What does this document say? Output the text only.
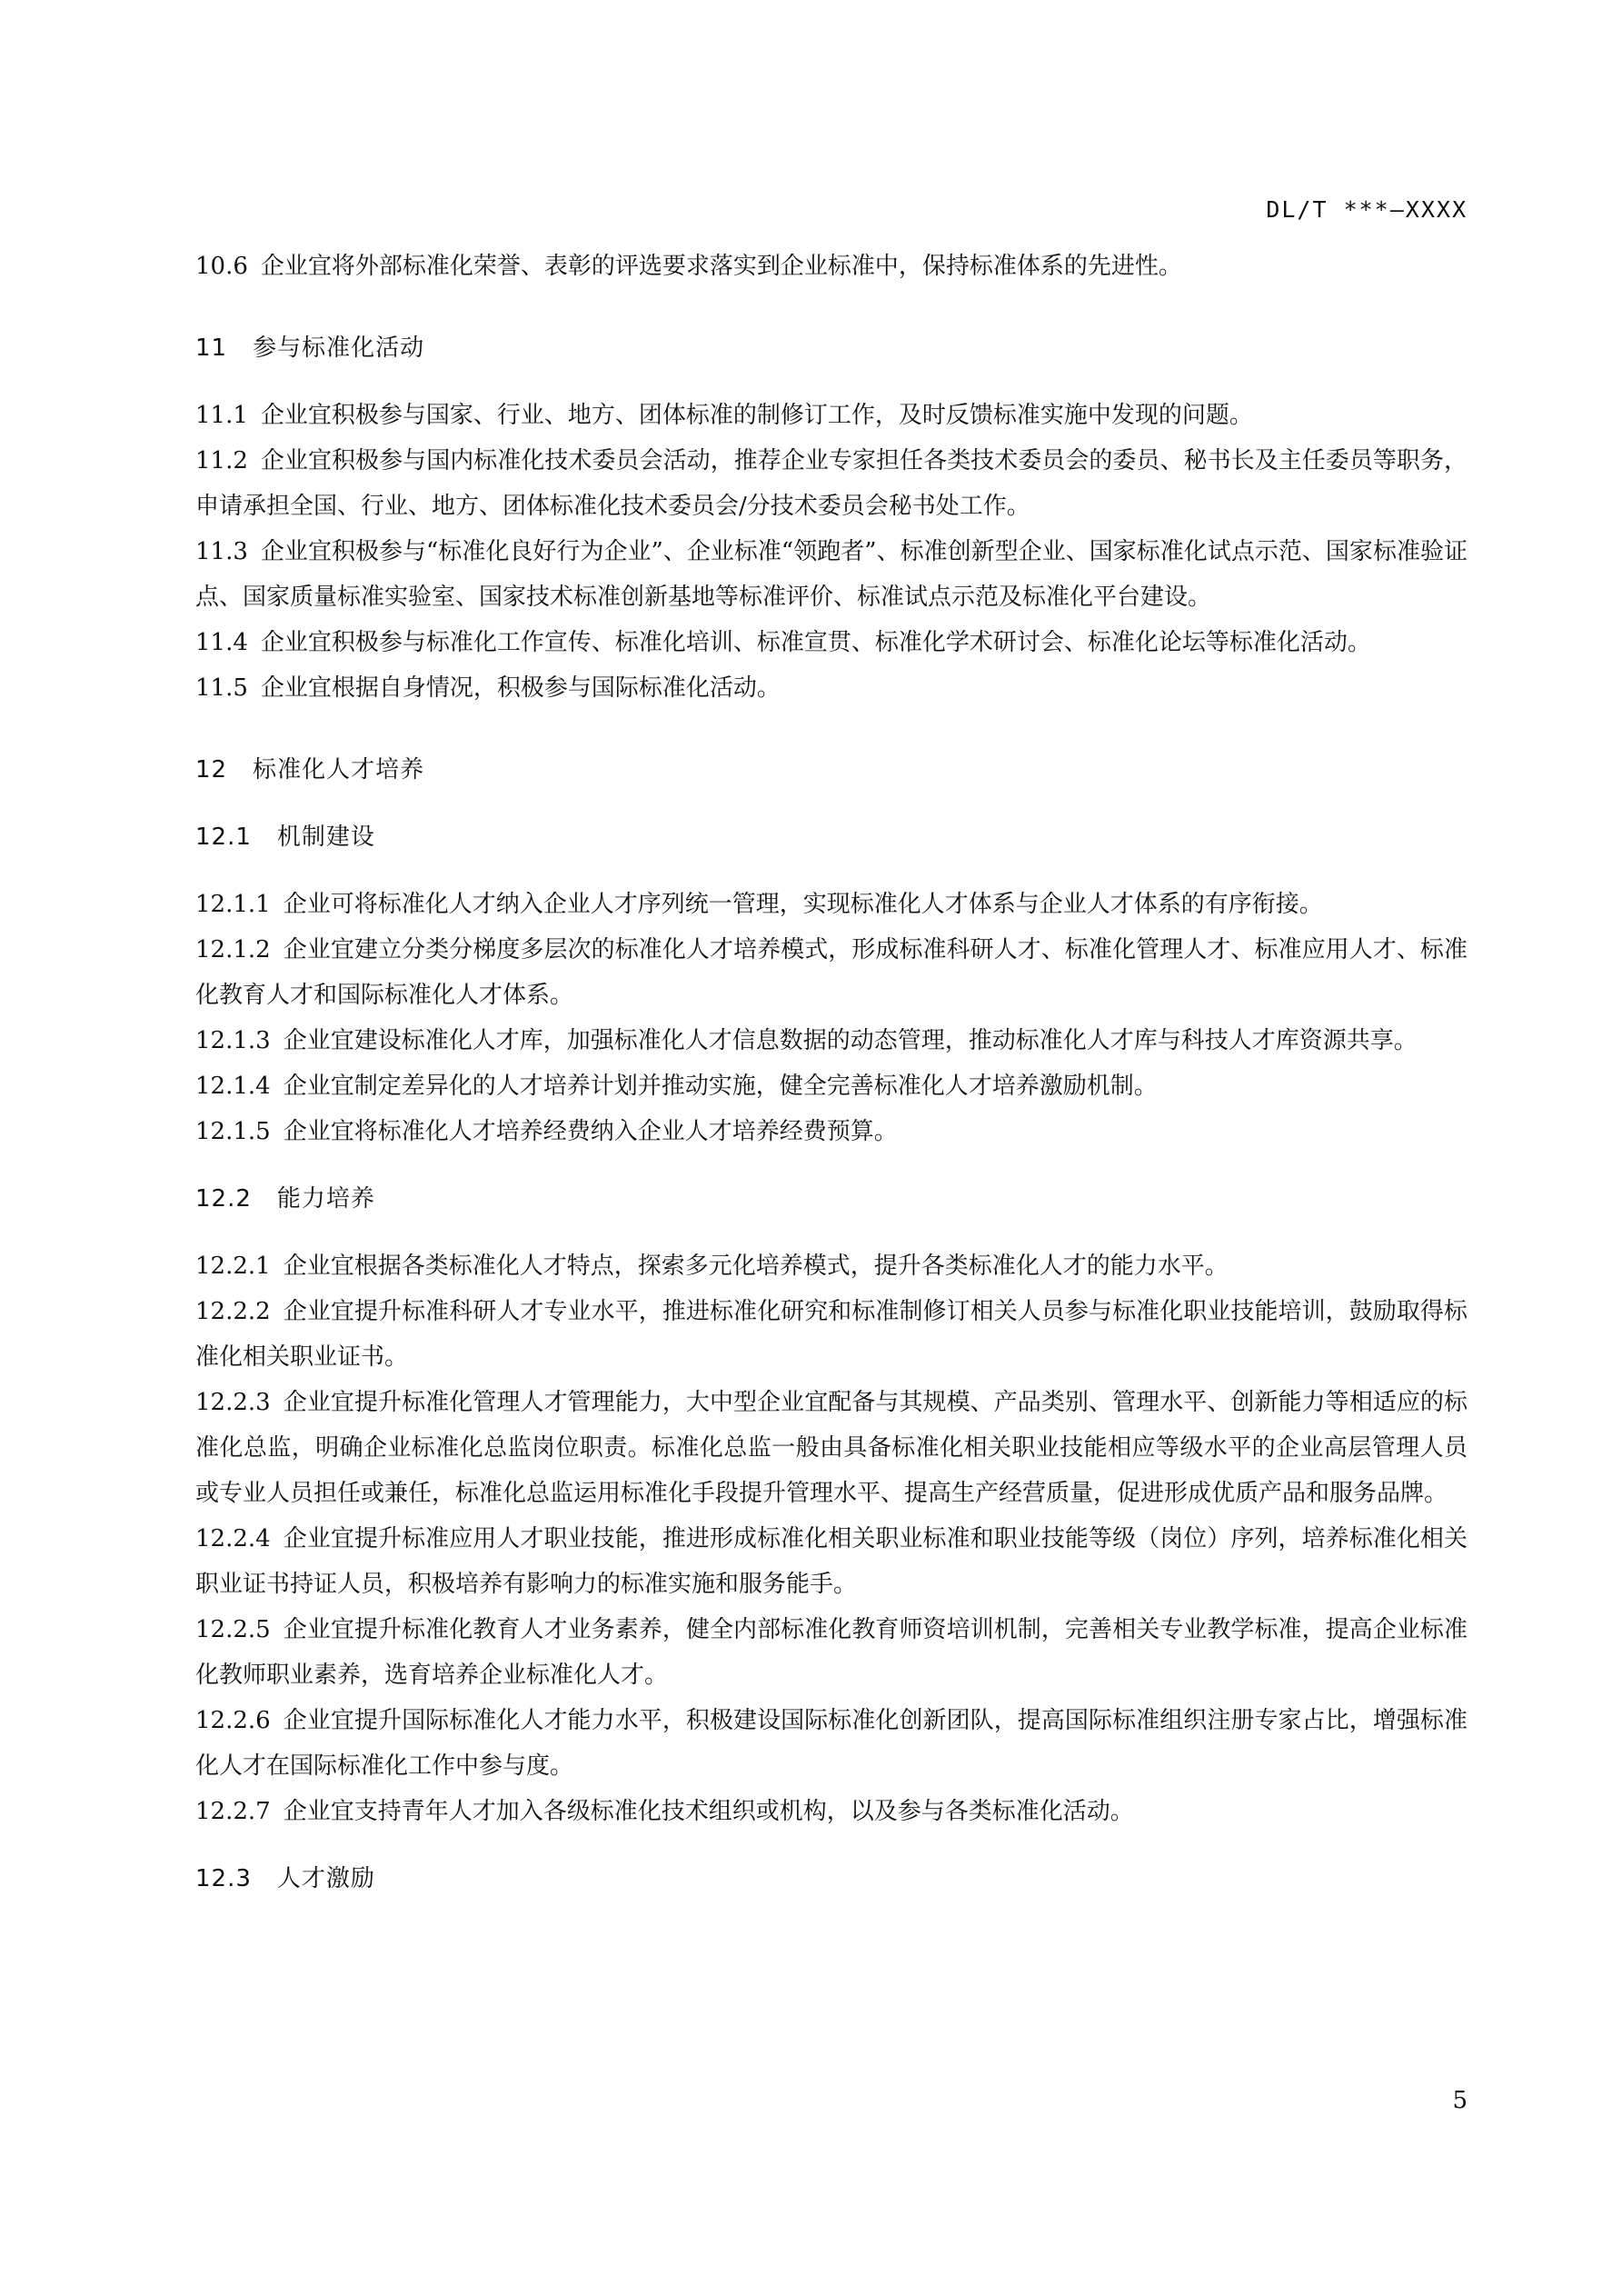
DL/T ***—XXXX

10.6 企业宜将外部标准化荣誉、表彰的评选要求落实到企业标准中，保持标准体系的先进性。

11 参与标准化活动

11.1 企业宜积极参与国家、行业、地方、团体标准的制修订工作，及时反馈标准实施中发现的问题。

11.2 企业宜积极参与国内标准化技术委员会活动，推荐企业专家担任各类技术委员会的委员、秘书长及主任委员等职务，申请承担全国、行业、地方、团体标准化技术委员会/分技术委员会秘书处工作。

11.3 企业宜积极参与“标准化良好行为企业”、企业标准“领跑者”、标准创新型企业、国家标准化试点示范、国家标准验证点、国家质量标准实验室、国家技术标准创新基地等标准评价、标准试点示范及标准化平台建设。

11.4 企业宜积极参与标准化工作宣传、标准化培训、标准宣贯、标准化学术研讨会、标准化论坛等标准化活动。

11.5 企业宜根据自身情况，积极参与国际标准化活动。

12 标准化人才培养
12.1 机制建设

12.1.1 企业可将标准化人才纳入企业人才序列统一管理，实现标准化人才体系与企业人才体系的有序衔接。

12.1.2 企业宜建立分类分梯度多层次的标准化人才培养模式，形成标准科研人才、标准化管理人才、标准应用人才、标准化教育人才和国际标准化人才体系。

12.1.3 企业宜建设标准化人才库，加强标准化人才信息数据的动态管理，推动标准化人才库与科技人才库资源共享。

12.1.4 企业宜制定差异化的人才培养计划并推动实施，健全完善标准化人才培养激励机制。

12.1.5 企业宜将标准化人才培养经费纳入企业人才培养经费预算。

12.2 能力培养

12.2.1 企业宜根据各类标准化人才特点，探索多元化培养模式，提升各类标准化人才的能力水平。

12.2.2 企业宜提升标准科研人才专业水平，推进标准化研究和标准制修订相关人员参与标准化职业技能培训，鼓励取得标准化相关职业证书。

12.2.3 企业宜提升标准化管理人才管理能力，大中型企业宜配备与其规模、产品类别、管理水平、创新能力等相适应的标准化总监，明确企业标准化总监岗位职责。标准化总监一般由具备标准化相关职业技能相应等级水平的企业高层管理人员或专业人员担任或兼任，标准化总监运用标准化手段提升管理水平、提高生产经营质量，促进形成优质产品和服务品牌。

12.2.4 企业宜提升标准应用人才职业技能，推进形成标准化相关职业标准和职业技能等级（岗位）序列，培养标准化相关职业证书持证人员，积极培养有影响力的标准实施和服务能手。

12.2.5 企业宜提升标准化教育人才业务素养，健全内部标准化教育师资培训机制，完善相关专业教学标准，提高企业标准化教师职业素养，选育培养企业标准化人才。

12.2.6 企业宜提升国际标准化人才能力水平，积极建设国际标准化创新团队，提高国际标准组织注册专家占比，增强标准化人才在国际标准化工作中参与度。

12.2.7 企业宜支持青年人才加入各级标准化技术组织或机构，以及参与各类标准化活动。

12.3 人才激励
5
